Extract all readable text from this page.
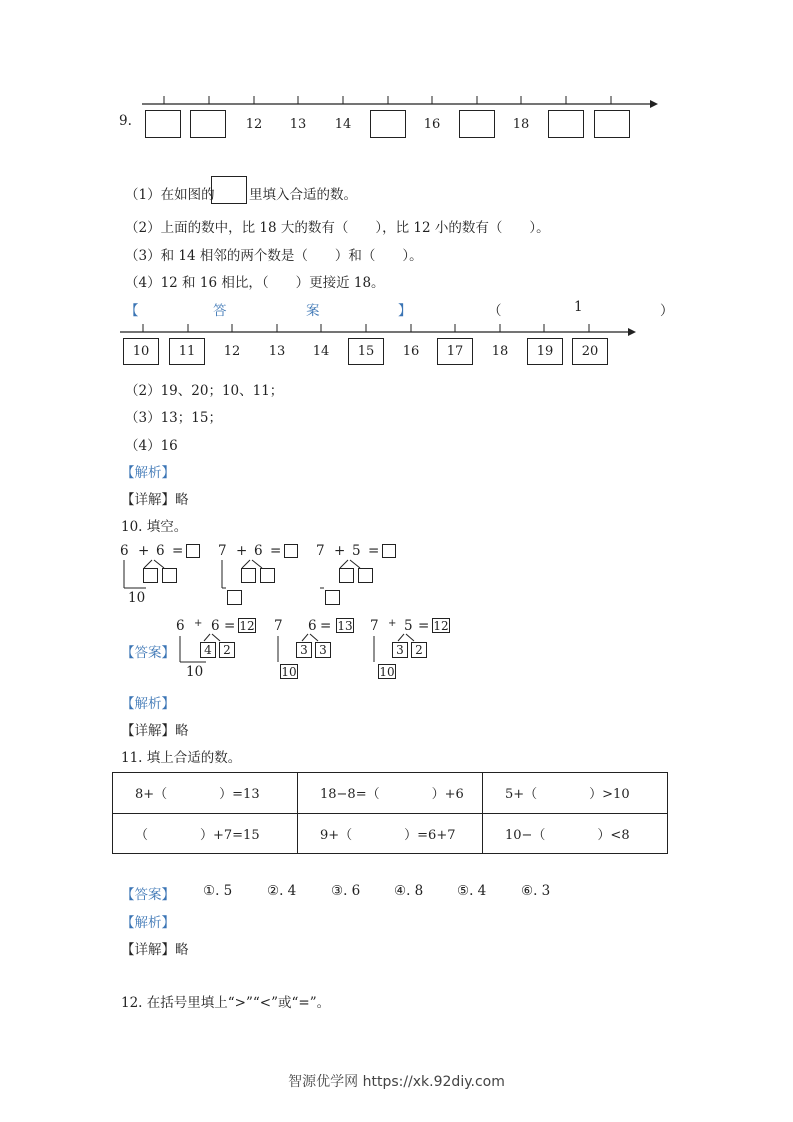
9.	12	13	14	16	18
（1）在如图的	里填入合适的数。
（2）上面的数中，比 18 大的数有（　　），比 12 小的数有（　　）。
（3）和 14 相邻的两个数是（　　）和（　　）。
（4）12 和 16 相比，（　　）更接近 18。
【	答	案	】	（	1	）
10	11	12	13	14	15	16	17	18	19	20
（2）19、20；10、11；
（3）13；15；
（4）16
【解析】
【详解】略
10. 填空。
6 + 6 =
10
7 + 6 =	7 + 5 =
【答案】
6 + 6 = 12
4 2
10
7 + 6 = 13
3 3
10
7 + 5 = 12
3 2
10
【解析】
【详解】略
11. 填上合适的数。
8+（　　　　）=13	18−8=（　　　　）+6	5+（　　　　）>10
（　　　　）+7=15	9+（　　　　）=6+7	10−（　　　　）<8
【答案】 ①. 5	②. 4	③. 6 ④. 8 ⑤. 4	⑥. 3
【解析】
【详解】略
12. 在括号里填上“>”“<”或“=”。
智源优学网 https://xk.92diy.com
